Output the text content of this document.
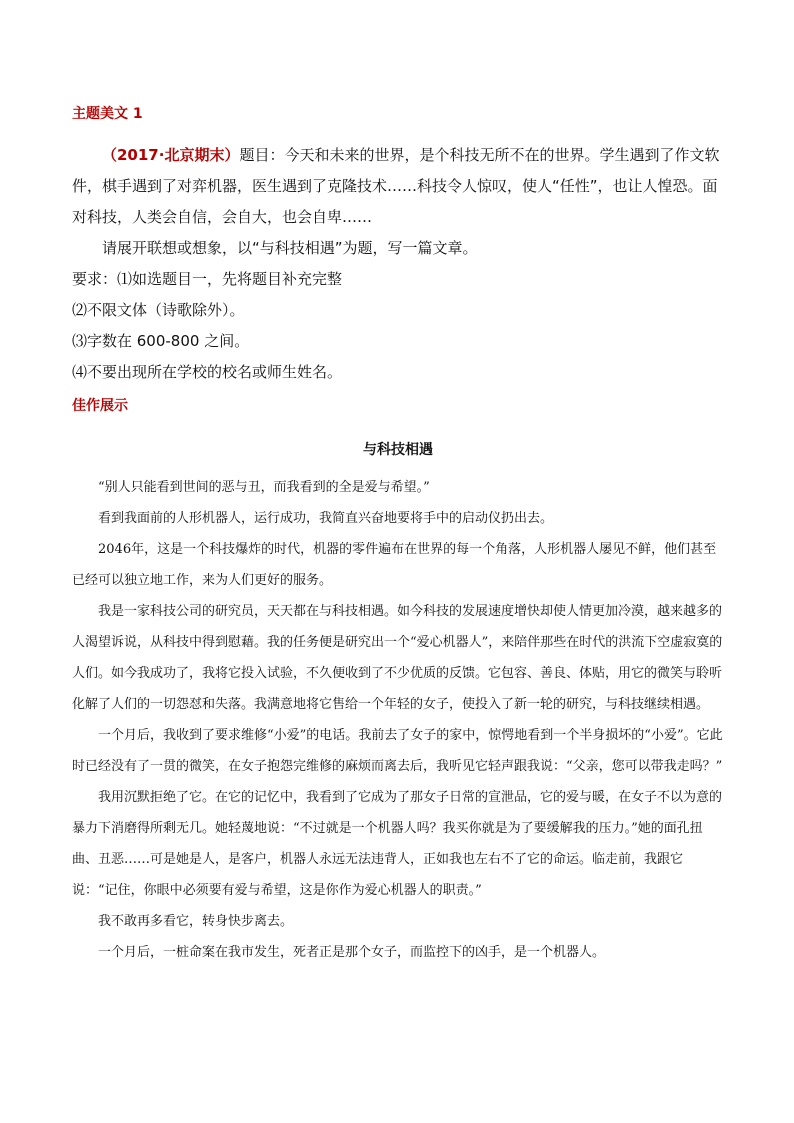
主题美文 1

（2017·北京期末）题目：今天和未来的世界，是个科技无所不在的世界。学生遇到了作文软件，棋手遇到了对弈机器，医生遇到了克隆技术……科技令人惊叹，使人“任性”，也让人惶恐。面对科技，人类会自信，会自大，也会自卑……

请展开联想或想象，以“与科技相遇”为题，写一篇文章。

要求：⑴如选题目一，先将题目补充完整

⑵不限文体（诗歌除外）。

⑶字数在 600-800 之间。

⑷不要出现所在学校的校名或师生姓名。

佳作展示

与科技相遇

“别人只能看到世间的恶与丑，而我看到的全是爱与希望。”

看到我面前的人形机器人，运行成功，我简直兴奋地要将手中的启动仪扔出去。

2046年，这是一个科技爆炸的时代，机器的零件遍布在世界的每一个角落，人形机器人屡见不鲜，他们甚至已经可以独立地工作，来为人们更好的服务。

我是一家科技公司的研究员，天天都在与科技相遇。如今科技的发展速度增快却使人情更加冷漠，越来越多的人渴望诉说，从科技中得到慰藉。我的任务便是研究出一个“爱心机器人”，来陪伴那些在时代的洪流下空虚寂寞的人们。如今我成功了，我将它投入试验，不久便收到了不少优质的反馈。它包容、善良、体贴，用它的微笑与聆听化解了人们的一切怨怼和失落。我满意地将它售给一个年轻的女子，使投入了新一轮的研究，与科技继续相遇。

一个月后，我收到了要求维修“小爱”的电话。我前去了女子的家中，惊愕地看到一个半身损坏的“小爱”。它此时已经没有了一贯的微笑，在女子抱怨完维修的麻烦而离去后，我听见它轻声跟我说：“父亲，您可以带我走吗？”

我用沉默拒绝了它。在它的记忆中，我看到了它成为了那女子日常的宣泄品，它的爱与暖，在女子不以为意的暴力下消磨得所剩无几。她轻蔑地说：“不过就是一个机器人吗？我买你就是为了要缓解我的压力。”她的面孔扭曲、丑恶……可是她是人，是客户，机器人永远无法违背人，正如我也左右不了它的命运。临走前，我跟它说：“记住，你眼中必须要有爱与希望，这是你作为爱心机器人的职责。”

我不敢再多看它，转身快步离去。

一个月后，一桩命案在我市发生，死者正是那个女子，而监控下的凶手，是一个机器人。
